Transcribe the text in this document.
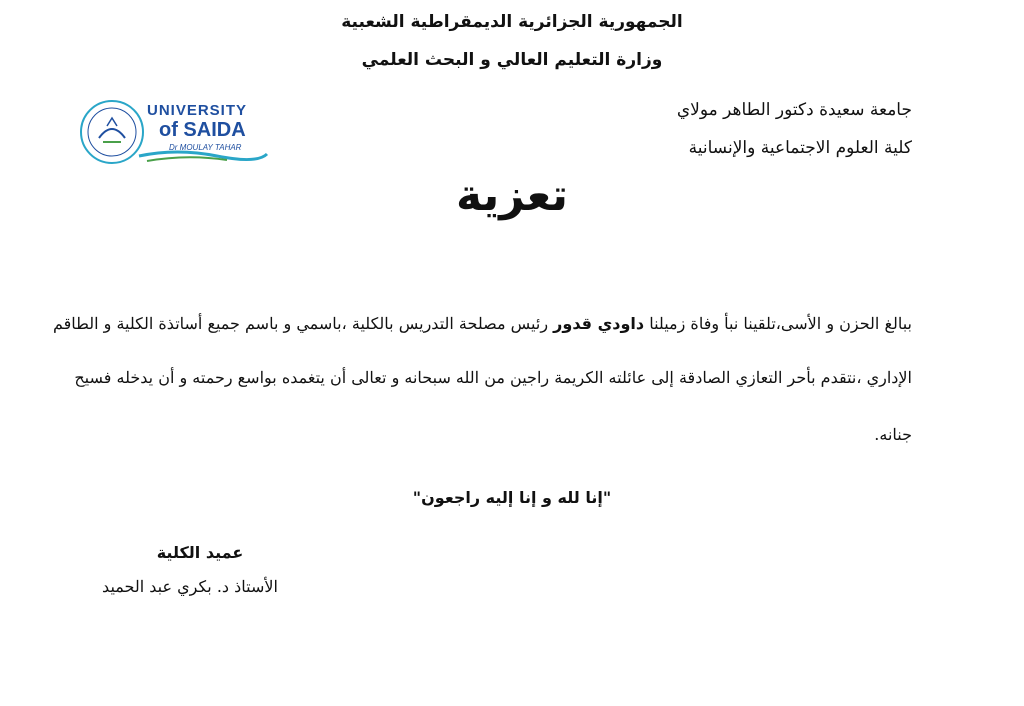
الجمهورية الجزائرية الديمقراطية الشعبية
وزارة التعليم العالي و البحث العلمي
جامعة سعيدة دكتور الطاهر مولاي
كلية العلوم الاجتماعية والإنسانية
UNIVERSITY
of SAIDA
Dr MOULAY TAHAR
تعزية
ببالغ الحزن و الأسى،تلقينا نبأ وفاة زميلنا داودي قدور رئيس مصلحة التدريس بالكلية ،باسمي و باسم جميع أساتذة الكلية و الطاقم
الإداري ،نتقدم بأحر التعازي الصادقة إلى عائلته الكريمة راجين من الله سبحانه و تعالى أن يتغمده بواسع رحمته و أن يدخله فسيح
جنانه.
"إنا لله و إنا إليه راجعون"
عميد الكلية
الأستاذ د. بكري عبد الحميد
